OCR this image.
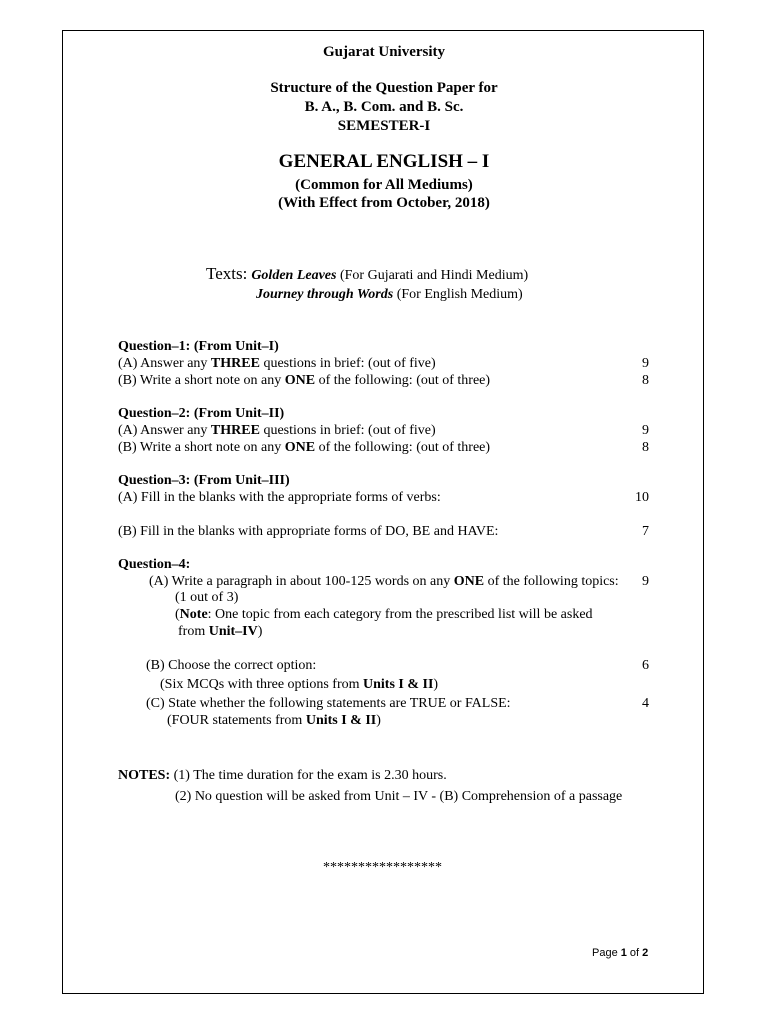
Gujarat University
Structure of the Question Paper for
B. A., B. Com. and B. Sc.
SEMESTER-I
GENERAL ENGLISH – I
(Common for All Mediums)
(With Effect from October, 2018)
Texts: Golden Leaves (For Gujarati and Hindi Medium)
Journey through Words (For English Medium)
Question–1: (From Unit–I)
(A) Answer any THREE questions in brief: (out of five)	9
(B) Write a short note on any ONE of the following: (out of three)	8
Question–2: (From Unit–II)
(A) Answer any THREE questions in brief: (out of five)	9
(B) Write a short note on any ONE of the following: (out of three)	8
Question–3: (From Unit–III)
(A) Fill in the blanks with the appropriate forms of verbs:	10
(B) Fill in the blanks with appropriate forms of DO, BE and HAVE:	7
Question–4:
(A) Write a paragraph in about 100-125 words on any ONE of the following topics:	9
(1 out of 3)
(Note: One topic from each category from the prescribed list will be asked
from Unit–IV)
(B) Choose the correct option:	6
(Six MCQs with three options from Units I & II)
(C) State whether the following statements are TRUE or FALSE:	4
(FOUR statements from Units I & II)
NOTES: (1) The time duration for the exam is 2.30 hours.
(2) No question will be asked from Unit – IV - (B) Comprehension of a passage
*****************
Page 1 of 2
